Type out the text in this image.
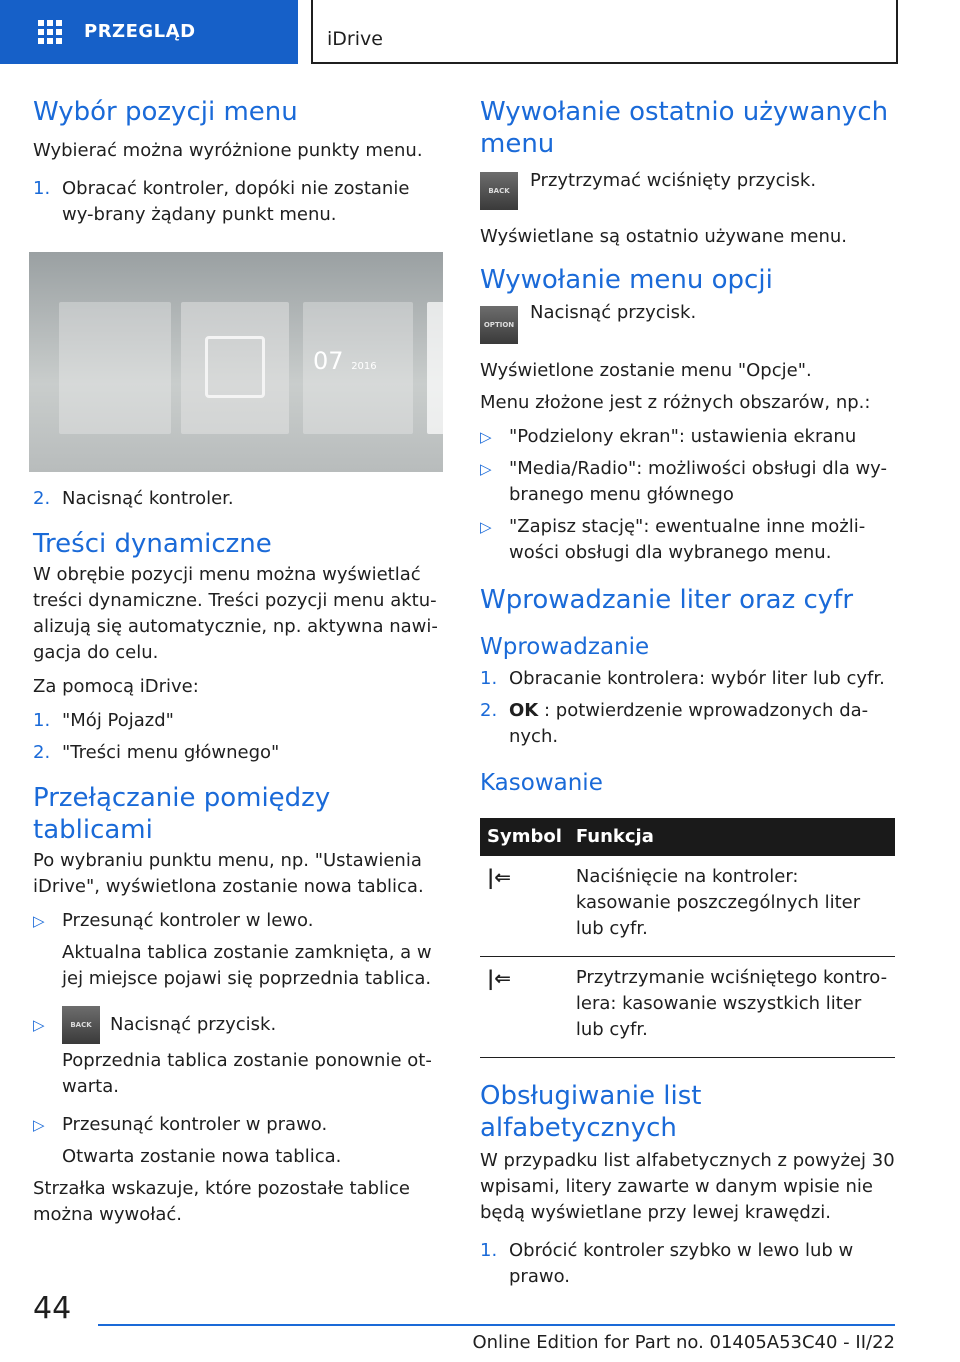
PRZEGLĄD	iDrive
Wybór pozycji menu

Wybierać można wyróżnione punkty menu.

1. Obracać kontroler, dopóki nie zostanie wy-brany żądany punkt menu.
07 2016
2. Nacisnąć kontroler.
Treści dynamiczne

W obrębie pozycji menu można wyświetlać treści dynamiczne. Treści pozycji menu aktu-alizują się automatycznie, np. aktywna nawi-gacja do celu.

Za pomocą iDrive:

1. "Mój Pojazd"
2. "Treści menu głównego"
Przełączanie pomiędzy tablicami

Po wybraniu punktu menu, np. "Ustawienia iDrive", wyświetlona zostanie nowa tablica.

▷ Przesunąć kontroler w lewo.

Aktualna tablica zostanie zamknięta, a w jej miejsce pojawi się poprzednia tablica.

▷	BACK	Nacisnąć przycisk.

Poprzednia tablica zostanie ponownie ot-warta.

▷ Przesunąć kontroler w prawo.

Otwarta zostanie nowa tablica.

Strzałka wskazuje, które pozostałe tablice można wywołać.

Wywołanie ostatnio używanych menu
BACK	Przytrzymać wciśnięty przycisk.

Wyświetlane są ostatnio używane menu.

Wywołanie menu opcji
OPTION
Nacisnąć przycisk.

Wyświetlone zostanie menu "Opcje".

Menu złożone jest z różnych obszarów, np.:

▷ "Podzielony ekran": ustawienia ekranu
▷ "Media/Radio": możliwości obsługi dla wy-branego menu głównego
▷ "Zapisz stację": ewentualne inne możli-wości obsługi dla wybranego menu.
Wprowadzanie liter oraz cyfr
Wprowadzanie
1. Obracanie kontrolera: wybór liter lub cyfr.
2. OK : potwierdzenie wprowadzonych da-nych.
Kasowanie
Symbol	Funkcja
|⇐	Naciśnięcie na kontroler: kasowanie poszczególnych liter lub cyfr.
|⇐	Przytrzymanie wciśniętego kontro-lera: kasowanie wszystkich liter lub cyfr.
Obsługiwanie list alfabetycznych

W przypadku list alfabetycznych z powyżej 30 wpisami, litery zawarte w danym wpisie nie będą wyświetlane przy lewej krawędzi.

1. Obrócić kontroler szybko w lewo lub w prawo.
44
Online Edition for Part no. 01405A53C40 - II/22
